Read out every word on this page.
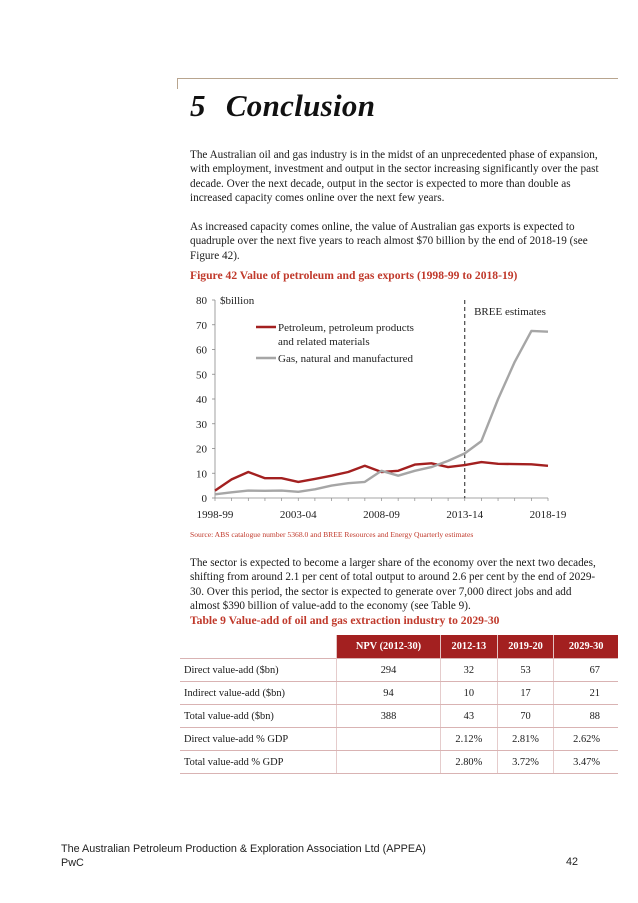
5 Conclusion
The Australian oil and gas industry is in the midst of an unprecedented phase of expansion, with employment, investment and output in the sector increasing significantly over the past decade. Over the next decade, output in the sector is expected to more than double as increased capacity comes online over the next few years.
As increased capacity comes online, the value of Australian gas exports is expected to quadruple over the next five years to reach almost $70 billion by the end of 2018-19 (see Figure 42).
Figure 42 Value of petroleum and gas exports (1998-99 to 2018-19)
0
10
20
30
40
50
60
70
80
1998-99	2003-04	2008-09	2013-14	2018-19
$billion
BREE estimates
Petroleum, petroleum products and related materials
Gas, natural and manufactured
Source: ABS catalogue number 5368.0 and BREE Resources and Energy Quarterly estimates
The sector is expected to become a larger share of the economy over the next two decades, shifting from around 2.1 per cent of total output to around 2.6 per cent by the end of 2029-30. Over this period, the sector is expected to generate over 7,000 direct jobs and add almost $390 billion of value-add to the economy (see Table 9).
Table 9 Value-add of oil and gas extraction industry to 2029-30
	NPV (2012-30)	2012-13	2019-20	2029-30
Direct value-add ($bn)	294	32	53	67
Indirect value-add ($bn)	94	10	17	21
Total value-add ($bn)	388	43	70	88
Direct value-add % GDP		2.12%	2.81%	2.62%
Total value-add % GDP		2.80%	3.72%	3.47%
The Australian Petroleum Production & Exploration Association Ltd (APPEA)
PwC	42
